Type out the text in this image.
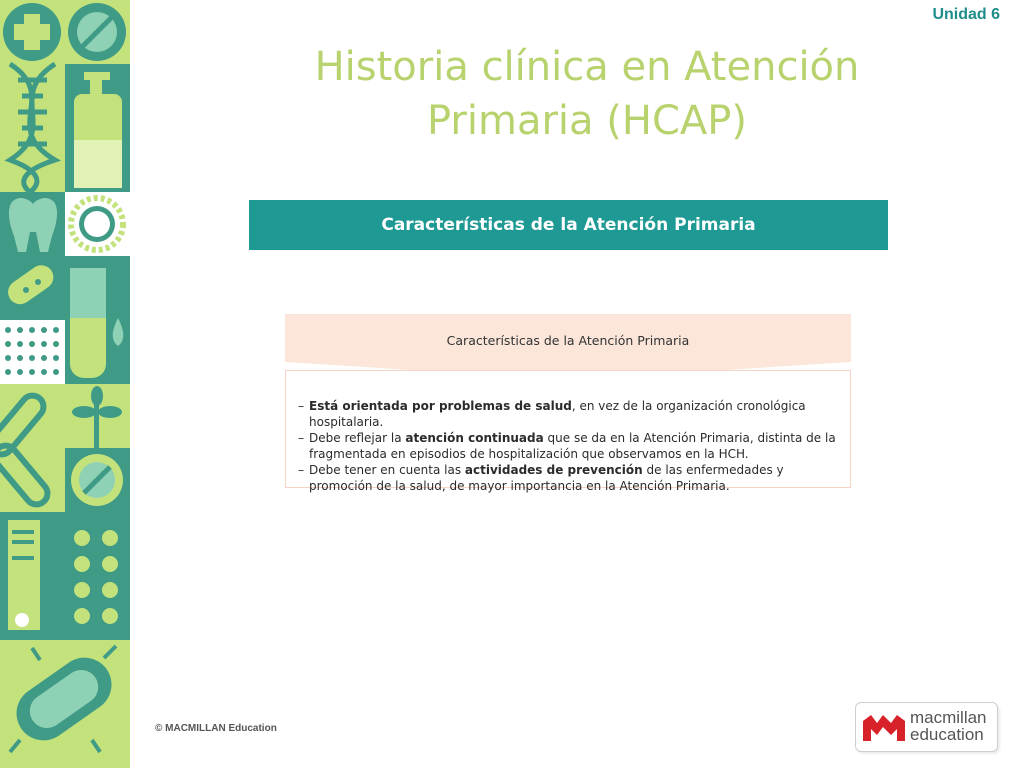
Unidad 6
Historia clínica en Atención
Primaria (HCAP)
Características de la Atención Primaria
Características de la Atención Primaria

– Está orientada por problemas de salud, en vez de la organización cronológica hospitalaria.

– Debe reflejar la atención continuada que se da en la Atención Primaria, distinta de la fragmentada en episodios de hospitalización que observamos en la HCH.

– Debe tener en cuenta las actividades de prevención de las enfermedades y promoción de la salud, de mayor importancia en la Atención Primaria.

© MACMILLAN Education
macmillan
education
